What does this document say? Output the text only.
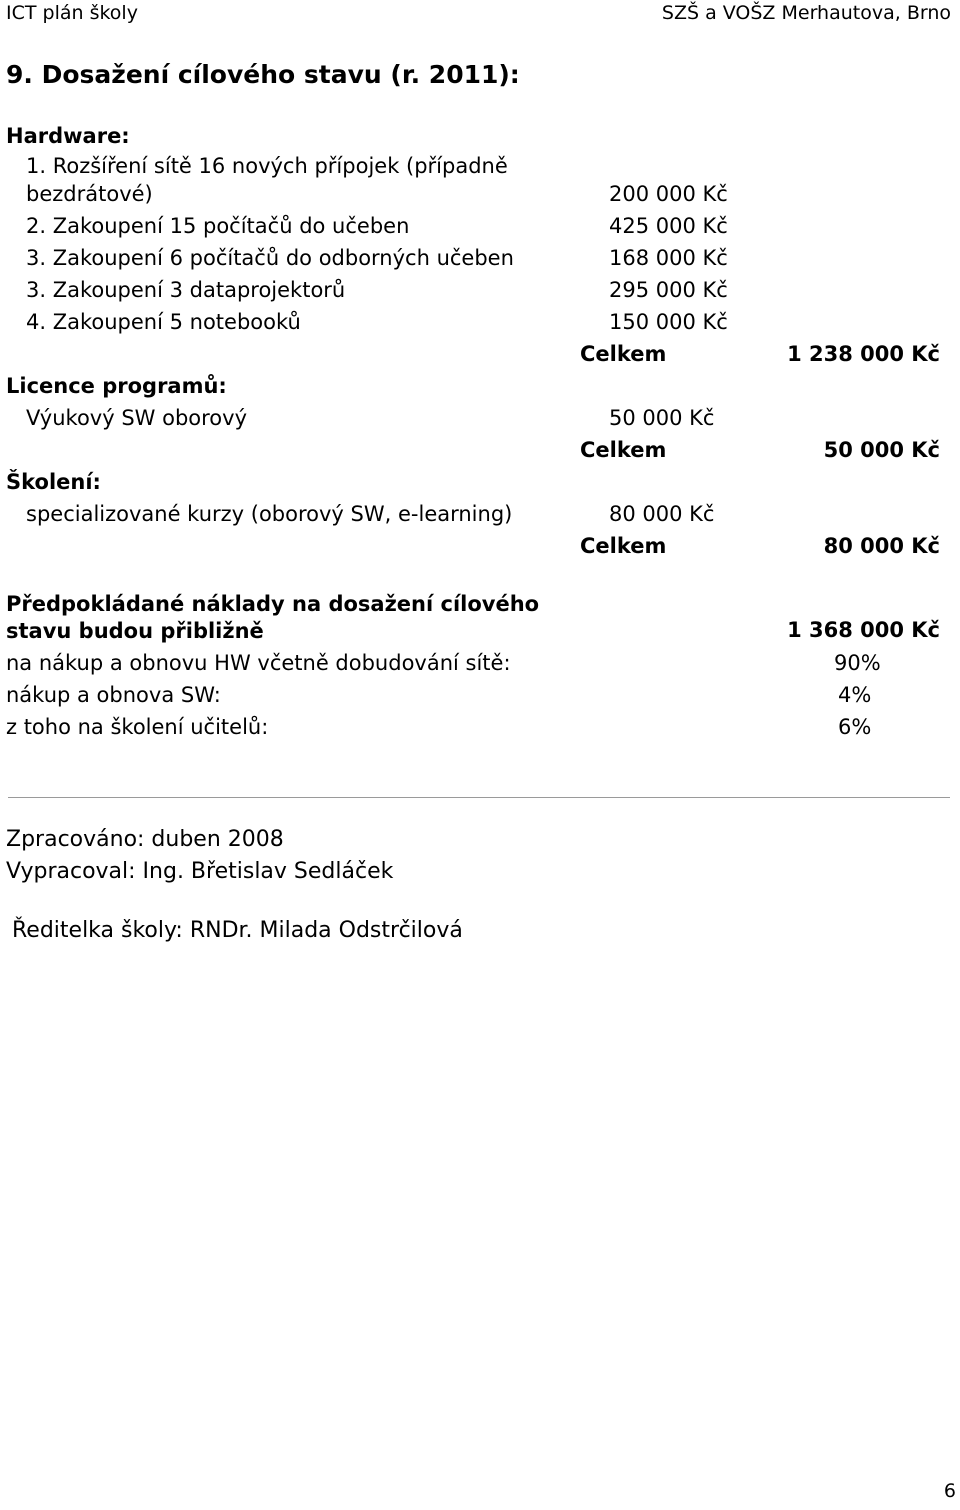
ICT plán školy	SZŠ a VOŠZ Merhautova, Brno
9. Dosažení cílového stavu (r. 2011):
Hardware:
1. Rozšíření sítě 16 nových přípojek (případně
bezdrátové)	200 000 Kč
2. Zakoupení 15 počítačů do učeben	425 000 Kč
3. Zakoupení 6 počítačů do odborných učeben	168 000 Kč
3. Zakoupení 3 dataprojektorů	295 000 Kč
4. Zakoupení 5 notebooků	150 000 Kč
Celkem	1 238 000 Kč
Licence programů:
Výukový SW oborový	50 000 Kč
Celkem	50 000 Kč
Školení:
specializované kurzy (oborový SW, e-learning)	80 000 Kč
Celkem	80 000 Kč
Předpokládané náklady na dosažení cílového
stavu budou přibližně	1 368 000 Kč
na nákup a obnovu HW včetně dobudování sítě:	90%
nákup a obnova SW:	4%
z toho na školení učitelů:	6%
Zpracováno: duben 2008
Vypracoval: Ing. Břetislav Sedláček
Ředitelka školy: RNDr. Milada Odstrčilová
6
